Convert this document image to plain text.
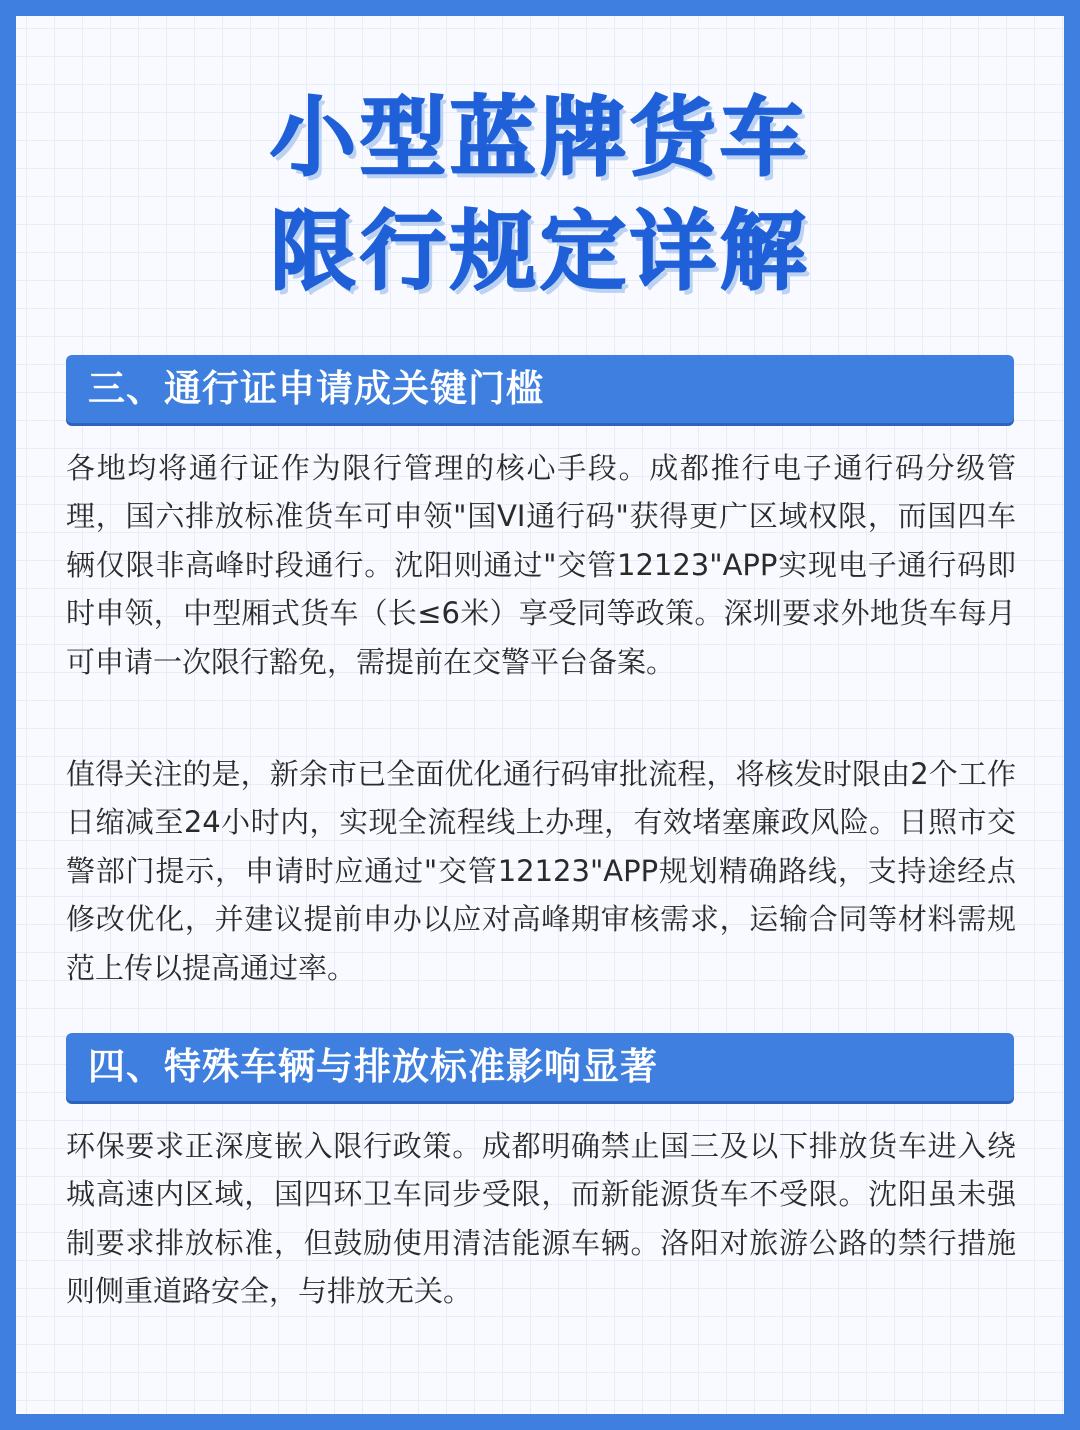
小型蓝牌货车
限行规定详解
三、通行证申请成关键门槛

各地均将通行证作为限行管理的核心手段。成都推行电子通行码分级管理，国六排放标准货车可申领"国VI通行码"获得更广区域权限，而国四车辆仅限非高峰时段通行。沈阳则通过"交管12123"APP实现电子通行码即时申领，中型厢式货车（长≤6米）享受同等政策。深圳要求外地货车每月可申请一次限行豁免，需提前在交警平台备案。

值得关注的是，新余市已全面优化通行码审批流程，将核发时限由2个工作日缩减至24小时内，实现全流程线上办理，有效堵塞廉政风险。日照市交警部门提示，申请时应通过"交管12123"APP规划精确路线，支持途经点修改优化，并建议提前申办以应对高峰期审核需求，运输合同等材料需规范上传以提高通过率。

四、特殊车辆与排放标准影响显著

环保要求正深度嵌入限行政策。成都明确禁止国三及以下排放货车进入绕城高速内区域，国四环卫车同步受限，而新能源货车不受限。沈阳虽未强制要求排放标准，但鼓励使用清洁能源车辆。洛阳对旅游公路的禁行措施则侧重道路安全，与排放无关。
